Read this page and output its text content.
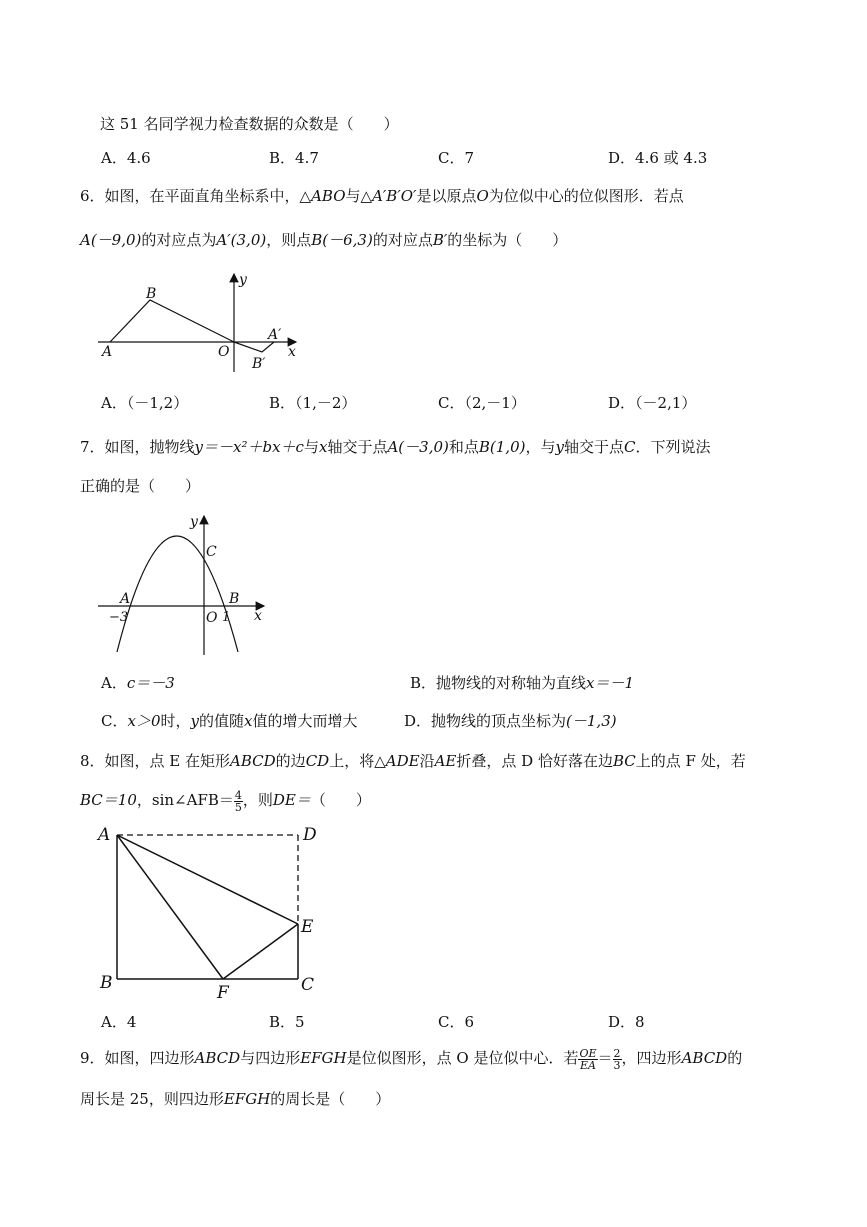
这 51 名同学视力检查数据的众数是（　　）
A．4.6	B．4.7	C．7	D．4.6 或 4.3
6．如图，在平面直角坐标系中，△ABO与△A′B′O′是以原点O为位似中心的位似图形．若点
A(－9,0)的对应点为A′(3,0)，则点B(－6,3)的对应点B′的坐标为（　　）
B
A	O
A′
B′
x
y
A．（－1,2）	B．（1,－2）	C．（2,－1）	D．（－2,1）
7．如图，抛物线y＝－x²＋bx＋c与x轴交于点A(－3,0)和点B(1,0)，与y轴交于点C．下列说法
正确的是（　　）
y
C
A	B
−3	O 1 x
A．c＝－3	B．抛物线的对称轴为直线x＝－1
C．x＞0时，y的值随x值的增大而增大	D．抛物线的顶点坐标为(－1,3)
8．如图，点 E 在矩形ABCD的边CD上，将△ADE沿AE折叠，点 D 恰好落在边BC上的点 F 处，若
BC＝10，sin∠AFB＝ $\frac{4}{5}$ ，则DE＝（　　）
A	D
E
B	F	C
A．4	B．5	C．6	D．8
9．如图，四边形ABCD与四边形EFGH是位似图形，点 O 是位似中心．若 $\frac{OE}{EA} = \frac{2}{3}$ ，四边形ABCD的
周长是 25，则四边形EFGH的周长是（　　）
